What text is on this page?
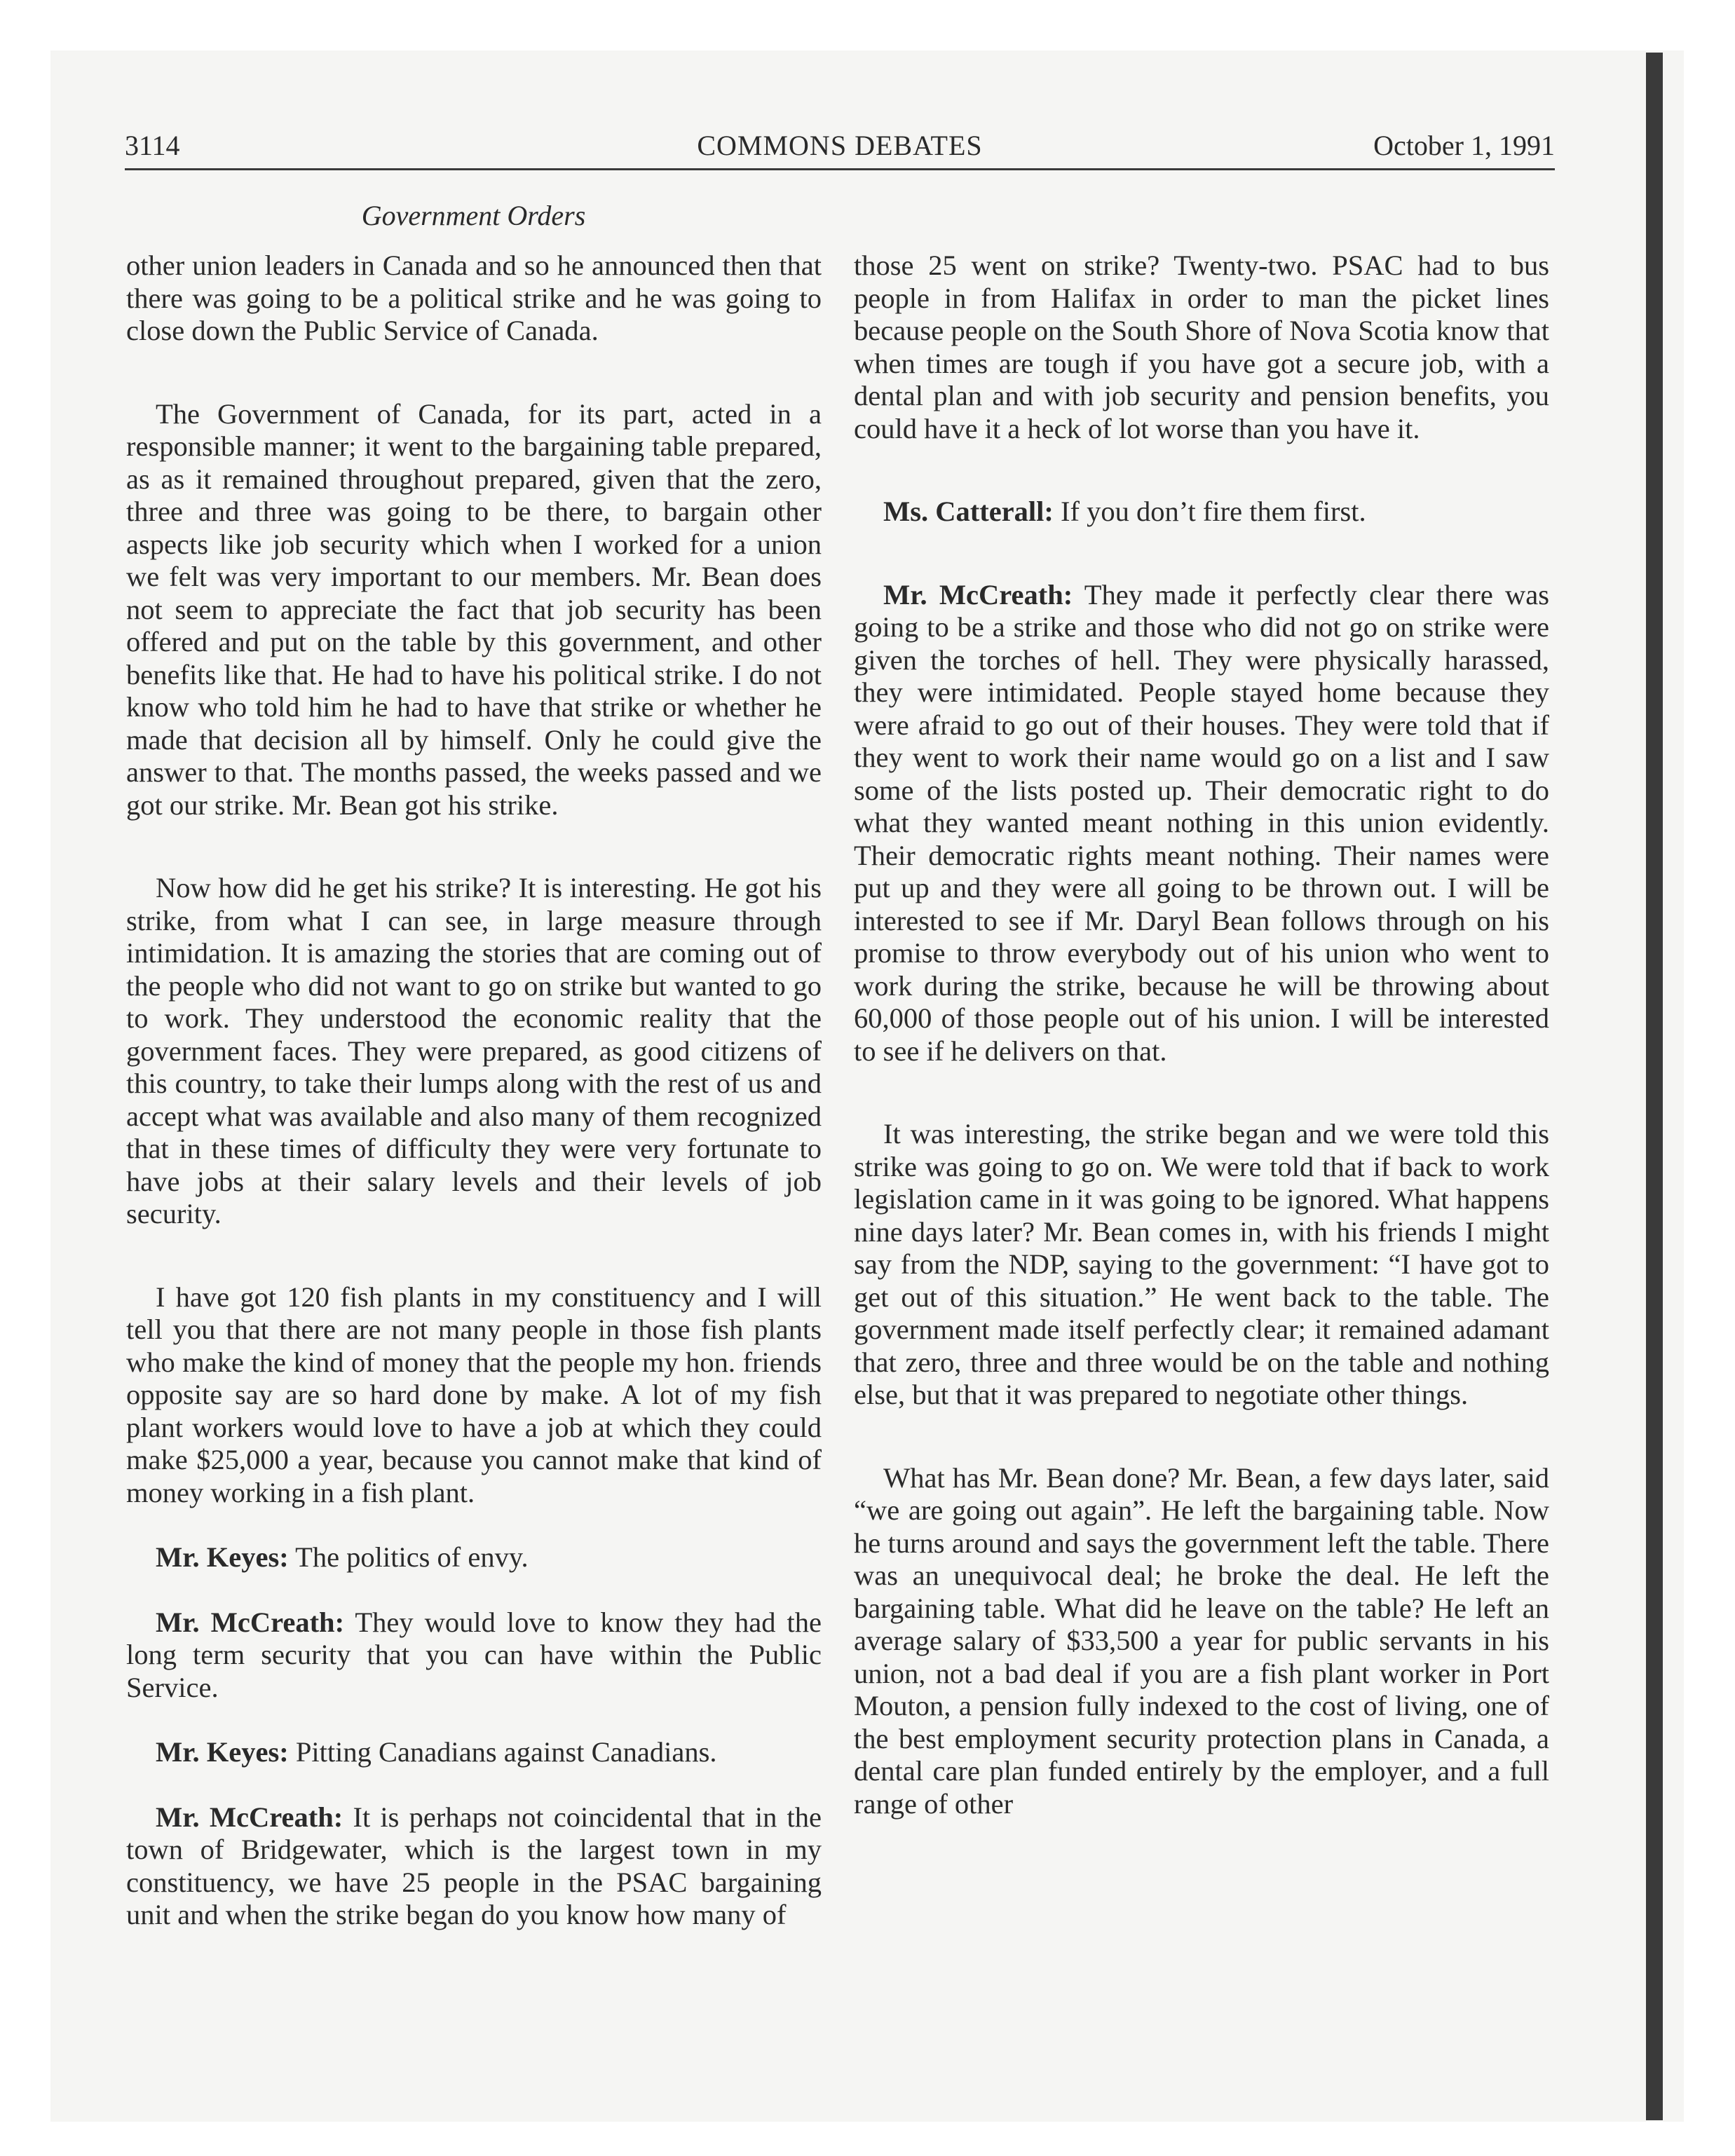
3114	COMMONS DEBATES	October 1, 1991
Government Orders

other union leaders in Canada and so he announced then that there was going to be a political strike and he was going to close down the Public Service of Canada.

The Government of Canada, for its part, acted in a responsible manner; it went to the bargaining table prepared, as as it remained throughout prepared, given that the zero, three and three was going to be there, to bargain other aspects like job security which when I worked for a union we felt was very important to our members. Mr. Bean does not seem to appreciate the fact that job security has been offered and put on the table by this government, and other benefits like that. He had to have his political strike. I do not know who told him he had to have that strike or whether he made that decision all by himself. Only he could give the answer to that. The months passed, the weeks passed and we got our strike. Mr. Bean got his strike.

Now how did he get his strike? It is interesting. He got his strike, from what I can see, in large measure through intimidation. It is amazing the stories that are coming out of the people who did not want to go on strike but wanted to go to work. They understood the economic reality that the government faces. They were prepared, as good citizens of this country, to take their lumps along with the rest of us and accept what was available and also many of them recognized that in these times of difficulty they were very fortunate to have jobs at their salary levels and their levels of job security.

I have got 120 fish plants in my constituency and I will tell you that there are not many people in those fish plants who make the kind of money that the people my hon. friends opposite say are so hard done by make. A lot of my fish plant workers would love to have a job at which they could make $25,000 a year, because you cannot make that kind of money working in a fish plant.

Mr. Keyes: The politics of envy.

Mr. McCreath: They would love to know they had the long term security that you can have within the Public Service.

Mr. Keyes: Pitting Canadians against Canadians.

Mr. McCreath: It is perhaps not coincidental that in the town of Bridgewater, which is the largest town in my constituency, we have 25 people in the PSAC bargaining unit and when the strike began do you know how many of

those 25 went on strike? Twenty-two. PSAC had to bus people in from Halifax in order to man the picket lines because people on the South Shore of Nova Scotia know that when times are tough if you have got a secure job, with a dental plan and with job security and pension benefits, you could have it a heck of lot worse than you have it.

Ms. Catterall: If you don’t fire them first.

Mr. McCreath: They made it perfectly clear there was going to be a strike and those who did not go on strike were given the torches of hell. They were physically harassed, they were intimidated. People stayed home because they were afraid to go out of their houses. They were told that if they went to work their name would go on a list and I saw some of the lists posted up. Their democratic right to do what they wanted meant nothing in this union evidently. Their democratic rights meant nothing. Their names were put up and they were all going to be thrown out. I will be interested to see if Mr. Daryl Bean follows through on his promise to throw everybody out of his union who went to work during the strike, because he will be throwing about 60,000 of those people out of his union. I will be interested to see if he delivers on that.

It was interesting, the strike began and we were told this strike was going to go on. We were told that if back to work legislation came in it was going to be ignored. What happens nine days later? Mr. Bean comes in, with his friends I might say from the NDP, saying to the government: “I have got to get out of this situation.” He went back to the table. The government made itself perfectly clear; it remained adamant that zero, three and three would be on the table and nothing else, but that it was prepared to negotiate other things.

What has Mr. Bean done? Mr. Bean, a few days later, said “we are going out again”. He left the bargaining table. Now he turns around and says the government left the table. There was an unequivocal deal; he broke the deal. He left the bargaining table. What did he leave on the table? He left an average salary of $33,500 a year for public servants in his union, not a bad deal if you are a fish plant worker in Port Mouton, a pension fully indexed to the cost of living, one of the best employment security protection plans in Canada, a dental care plan funded entirely by the employer, and a full range of other
